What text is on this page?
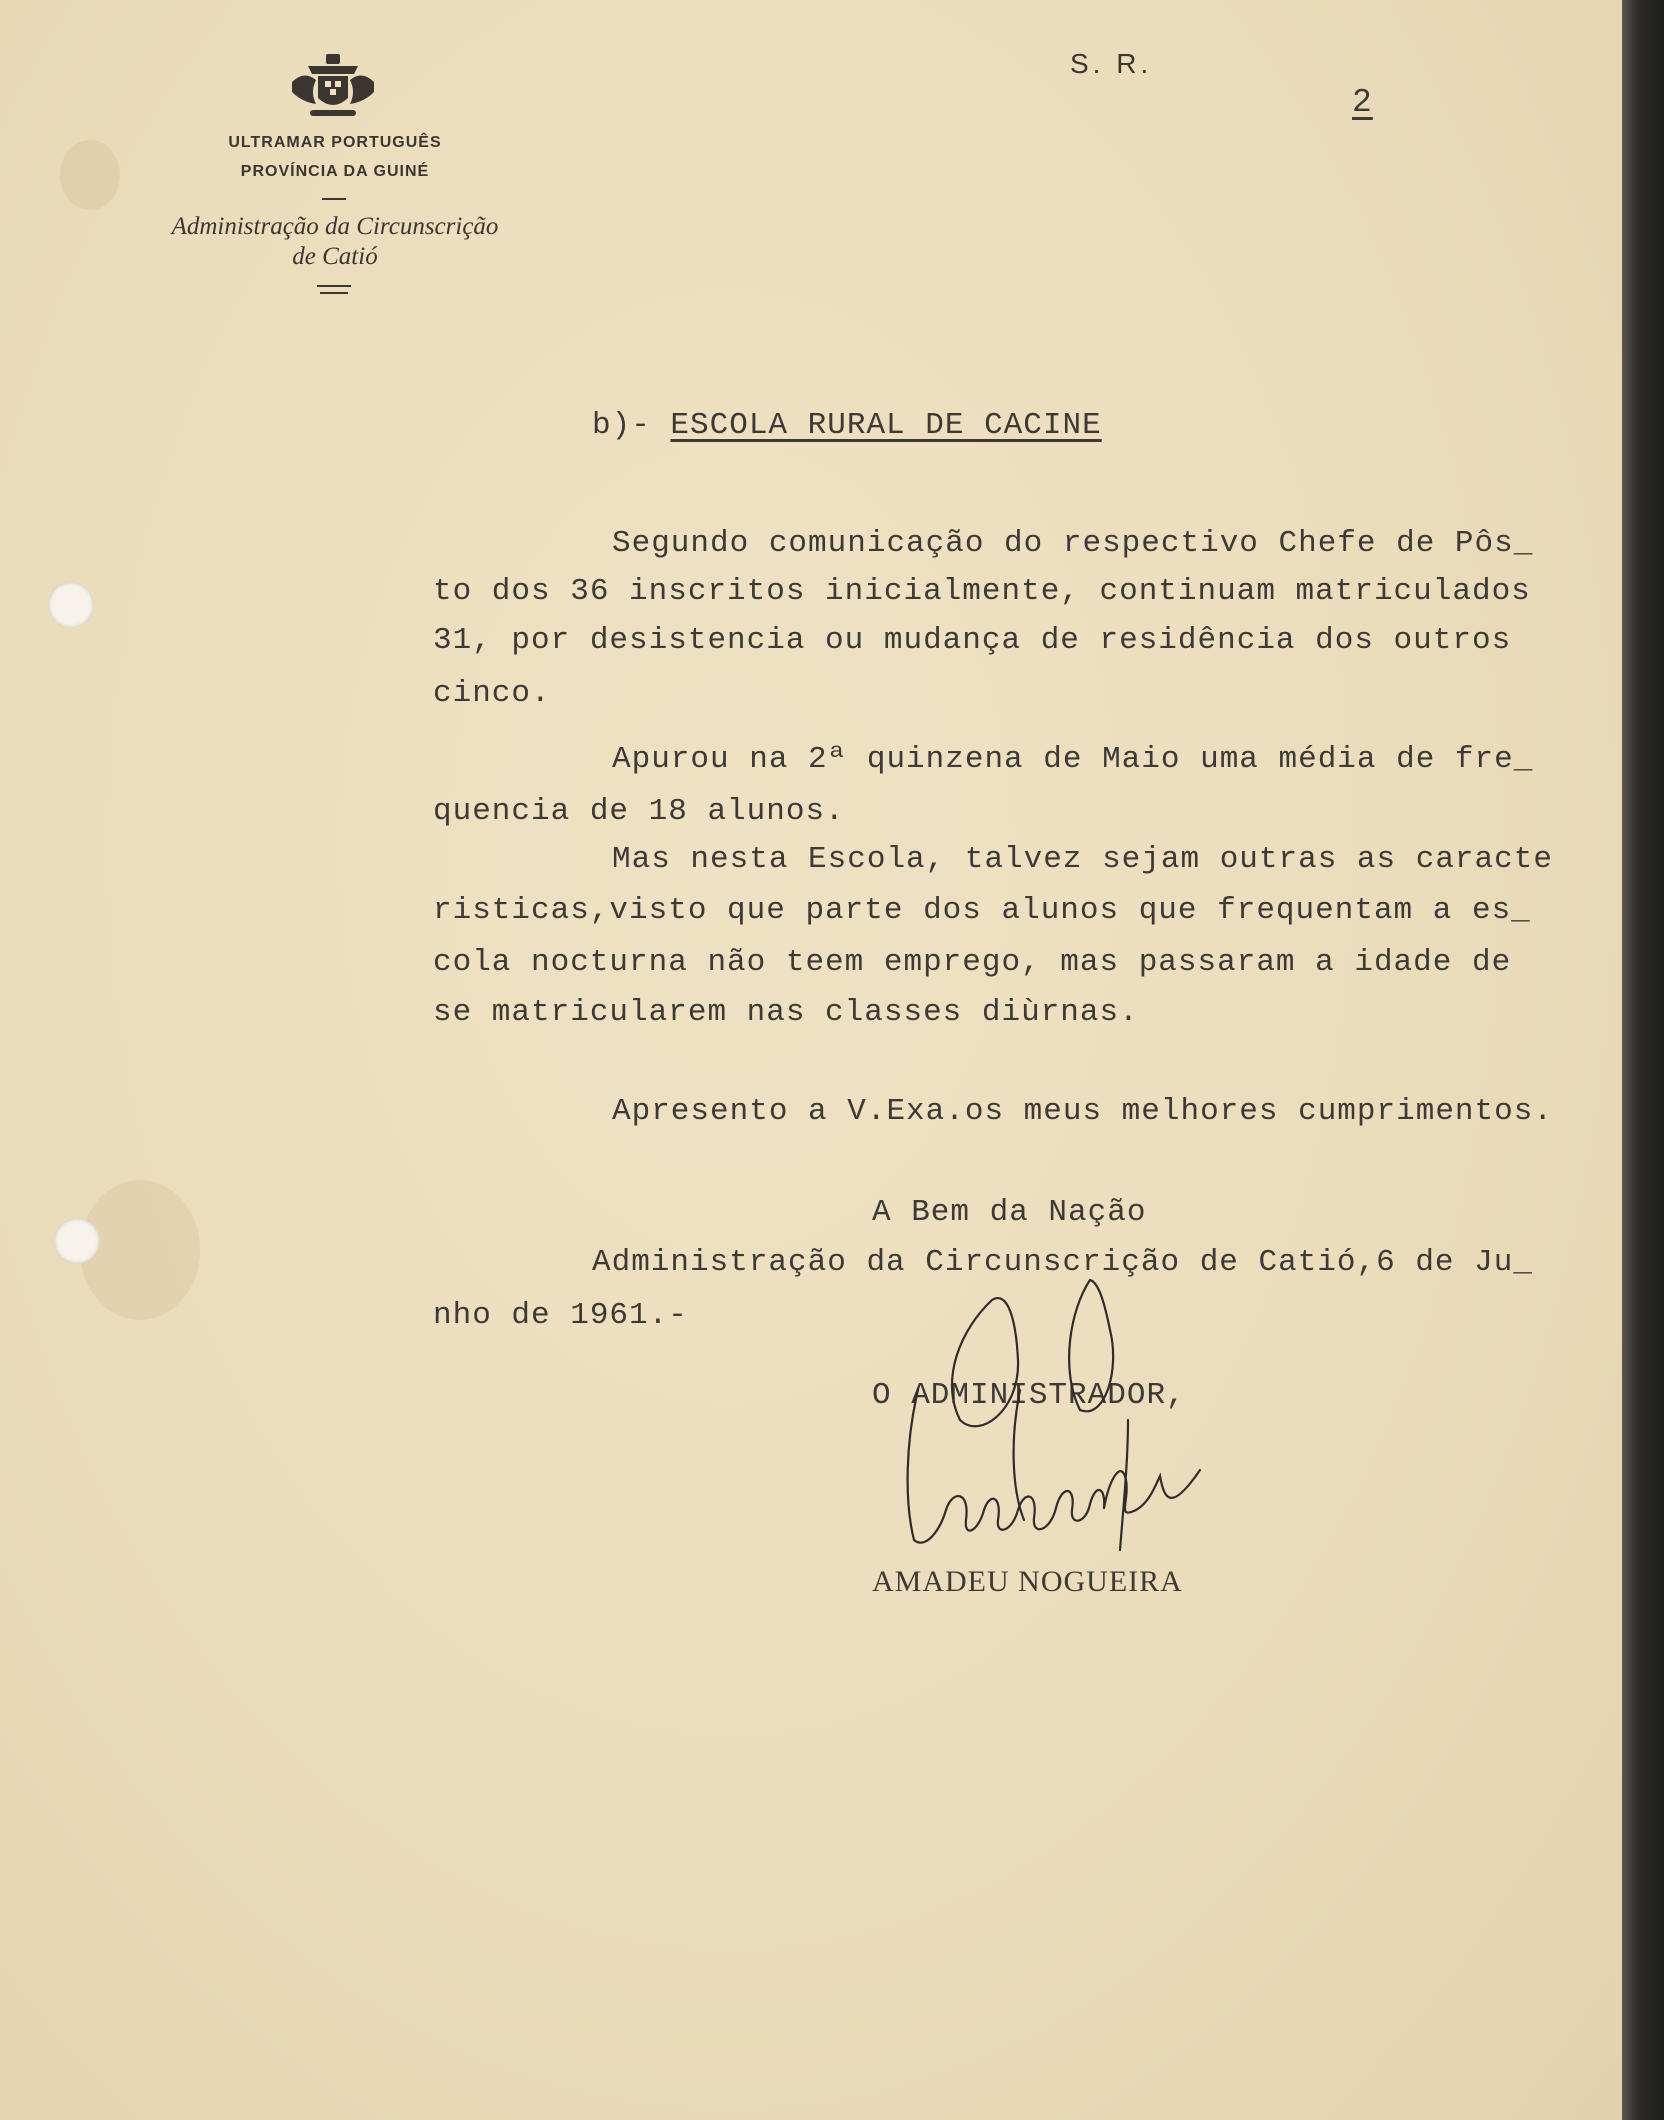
ULTRAMAR PORTUGUÊS
PROVÍNCIA DA GUINÉ
Administração da Circunscrição
de Catió
S. R.
2
b)- ESCOLA RURAL DE CACINE
Segundo comunicação do respectivo Chefe de Pôs_
to dos 36 inscritos inicialmente, continuam matriculados
31, por desistencia ou mudança de residência dos outros
cinco.
Apurou na 2ª quinzena de Maio uma média de fre_
quencia de 18 alunos.
Mas nesta Escola, talvez sejam outras as caracte
risticas,visto que parte dos alunos que frequentam a es_
cola nocturna não teem emprego, mas passaram a idade de
se matricularem nas classes diùrnas.
Apresento a V.Exa.os meus melhores cumprimentos.
A Bem da Nação
Administração da Circunscrição de Catió,6 de Ju_
nho de 1961.-
O ADMINISTRADOR,
AMADEU NOGUEIRA
